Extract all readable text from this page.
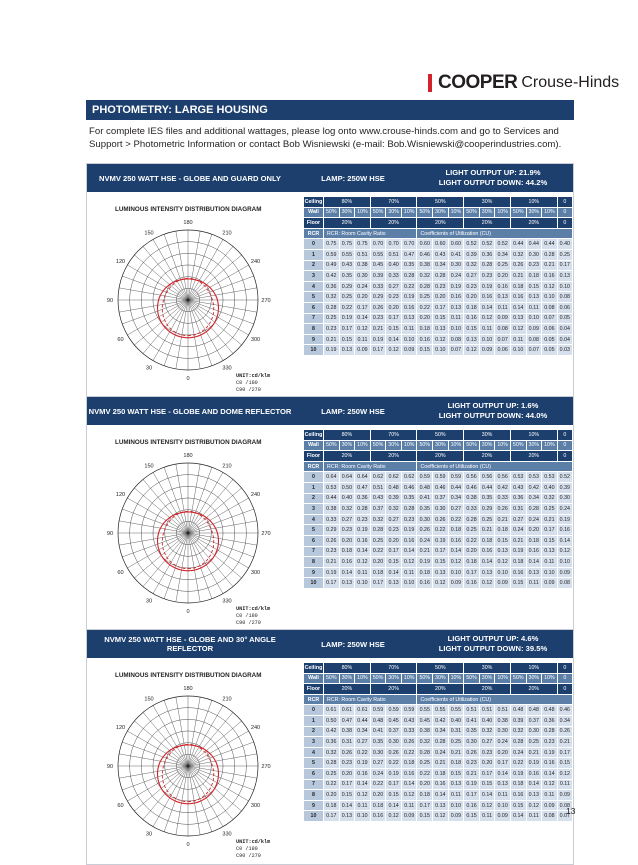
COOPER Crouse-Hinds
PHOTOMETRY: LARGE HOUSING
For complete IES files and additional wattages, please log onto www.crouse-hinds.com and go to Services and Support > Photometric Information or contact Bob Wisniewski (e-mail: Bob.Wisniewski@cooperindustries.com).
NVMV 250 WATT HSE - GLOBE AND GUARD ONLY	LAMP: 250W HSE
LIGHT OUTPUT UP: 21.9%
LIGHT OUTPUT DOWN: 44.2%
LUMINOUS INTENSITY DISTRIBUTION DIAGRAM
180
210
150
240
120
270
90
300
60
330
30
0	UNIT:cd/klm
C0 /180
C90 /270
Ceiling	80%			70%			50%			30%			10%			0
Wall	50%	30%	10%	50%	30%	10%	50%	30%	10%	50%	30%	10%	50%	30%	10%	0
Floor	20%			20%			20%			20%			20%			0
RCR	RCR: Room Cavity Ratio						Coefficients of Utilization (CU)									
0	0.75	0.75	0.75	0.70	0.70	0.70	0.60	0.60	0.60	0.52	0.52	0.52	0.44	0.44	0.44	0.40
1	0.59	0.55	0.51	0.55	0.51	0.47	0.46	0.43	0.41	0.39	0.36	0.34	0.32	0.30	0.28	0.25
2	0.49	0.43	0.38	0.45	0.40	0.35	0.38	0.34	0.30	0.32	0.28	0.25	0.26	0.23	0.21	0.17
3	0.42	0.35	0.30	0.39	0.33	0.28	0.32	0.28	0.24	0.27	0.23	0.20	0.21	0.18	0.16	0.13
4	0.36	0.29	0.24	0.33	0.27	0.22	0.28	0.23	0.19	0.23	0.19	0.16	0.18	0.15	0.12	0.10
5	0.32	0.25	0.20	0.29	0.23	0.19	0.25	0.20	0.16	0.20	0.16	0.13	0.16	0.13	0.10	0.08
6	0.28	0.22	0.17	0.26	0.20	0.16	0.22	0.17	0.13	0.18	0.14	0.11	0.14	0.11	0.08	0.06
7	0.25	0.19	0.14	0.23	0.17	0.13	0.20	0.15	0.11	0.16	0.12	0.09	0.13	0.10	0.07	0.05
8	0.23	0.17	0.12	0.21	0.15	0.11	0.18	0.13	0.10	0.15	0.11	0.08	0.12	0.09	0.06	0.04
9	0.21	0.15	0.11	0.19	0.14	0.10	0.16	0.12	0.08	0.13	0.10	0.07	0.11	0.08	0.05	0.04
10	0.19	0.13	0.09	0.17	0.12	0.09	0.15	0.10	0.07	0.12	0.09	0.06	0.10	0.07	0.05	0.03
NVMV 250 WATT HSE - GLOBE AND DOME REFLECTOR	LAMP: 250W HSE
LIGHT OUTPUT UP: 1.6%
LIGHT OUTPUT DOWN: 44.0%
LUMINOUS INTENSITY DISTRIBUTION DIAGRAM
180
210
150
240
120
270
90
300
60
330
30
0	UNIT:cd/klm
C0 /180
C90 /270
Ceiling	80%			70%			50%			30%			10%			0
Wall	50%	30%	10%	50%	30%	10%	50%	30%	10%	50%	30%	10%	50%	30%	10%	0
Floor	20%			20%			20%			20%			20%			0
RCR	RCR: Room Cavity Ratio						Coefficients of Utilization (CU)									
0	0.64	0.64	0.64	0.62	0.62	0.62	0.59	0.59	0.59	0.56	0.56	0.56	0.53	0.53	0.53	0.52
1	0.53	0.50	0.47	0.51	0.48	0.46	0.48	0.46	0.44	0.46	0.44	0.42	0.43	0.42	0.40	0.39
2	0.44	0.40	0.36	0.43	0.39	0.35	0.41	0.37	0.34	0.38	0.35	0.33	0.36	0.34	0.32	0.30
3	0.38	0.32	0.28	0.37	0.32	0.28	0.35	0.30	0.27	0.33	0.29	0.26	0.31	0.28	0.25	0.24
4	0.33	0.27	0.23	0.32	0.27	0.23	0.30	0.26	0.22	0.28	0.25	0.21	0.27	0.24	0.21	0.19
5	0.29	0.23	0.19	0.28	0.23	0.19	0.26	0.22	0.18	0.25	0.21	0.18	0.24	0.20	0.17	0.16
6	0.26	0.20	0.16	0.25	0.20	0.16	0.24	0.19	0.16	0.22	0.18	0.15	0.21	0.18	0.15	0.14
7	0.23	0.18	0.14	0.22	0.17	0.14	0.21	0.17	0.14	0.20	0.16	0.13	0.19	0.16	0.13	0.12
8	0.21	0.16	0.12	0.20	0.15	0.12	0.19	0.15	0.12	0.18	0.14	0.12	0.18	0.14	0.11	0.10
9	0.19	0.14	0.11	0.18	0.14	0.11	0.18	0.13	0.10	0.17	0.13	0.10	0.16	0.13	0.10	0.09
10	0.17	0.13	0.10	0.17	0.13	0.10	0.16	0.12	0.09	0.16	0.12	0.09	0.15	0.11	0.09	0.08
NVMV 250 WATT HSE - GLOBE AND 30° ANGLE REFLECTOR	LAMP: 250W HSE
LIGHT OUTPUT UP: 4.6%
LIGHT OUTPUT DOWN: 39.5%
LUMINOUS INTENSITY DISTRIBUTION DIAGRAM
180
210
150
240
120
270
90
300
60
330
30
0	UNIT:cd/klm
C0 /180
C90 /270
Ceiling	80%			70%			50%			30%			10%			0
Wall	50%	30%	10%	50%	30%	10%	50%	30%	10%	50%	30%	10%	50%	30%	10%	0
Floor	20%			20%			20%			20%			20%			0
RCR	RCR: Room Cavity Ratio						Coefficients of Utilization (CU)									
0	0.61	0.61	0.61	0.59	0.59	0.59	0.55	0.55	0.55	0.51	0.51	0.51	0.48	0.48	0.48	0.46
1	0.50	0.47	0.44	0.48	0.45	0.43	0.45	0.42	0.40	0.41	0.40	0.38	0.39	0.37	0.36	0.34
2	0.42	0.38	0.34	0.41	0.37	0.33	0.38	0.34	0.31	0.35	0.32	0.30	0.32	0.30	0.28	0.26
3	0.36	0.31	0.27	0.35	0.30	0.26	0.32	0.28	0.25	0.30	0.27	0.24	0.28	0.25	0.23	0.21
4	0.32	0.26	0.22	0.30	0.26	0.22	0.28	0.24	0.21	0.26	0.23	0.20	0.24	0.21	0.19	0.17
5	0.28	0.23	0.19	0.27	0.22	0.18	0.25	0.21	0.18	0.23	0.20	0.17	0.22	0.19	0.16	0.15
6	0.25	0.20	0.16	0.24	0.19	0.16	0.22	0.18	0.15	0.21	0.17	0.14	0.19	0.16	0.14	0.12
7	0.22	0.17	0.14	0.22	0.17	0.14	0.20	0.16	0.13	0.19	0.15	0.13	0.18	0.14	0.12	0.11
8	0.20	0.15	0.12	0.20	0.15	0.12	0.18	0.14	0.11	0.17	0.14	0.11	0.16	0.13	0.11	0.09
9	0.18	0.14	0.11	0.18	0.14	0.11	0.17	0.13	0.10	0.16	0.12	0.10	0.15	0.12	0.09	0.08
10	0.17	0.13	0.10	0.16	0.12	0.09	0.15	0.12	0.09	0.15	0.11	0.09	0.14	0.11	0.08	0.07
13
